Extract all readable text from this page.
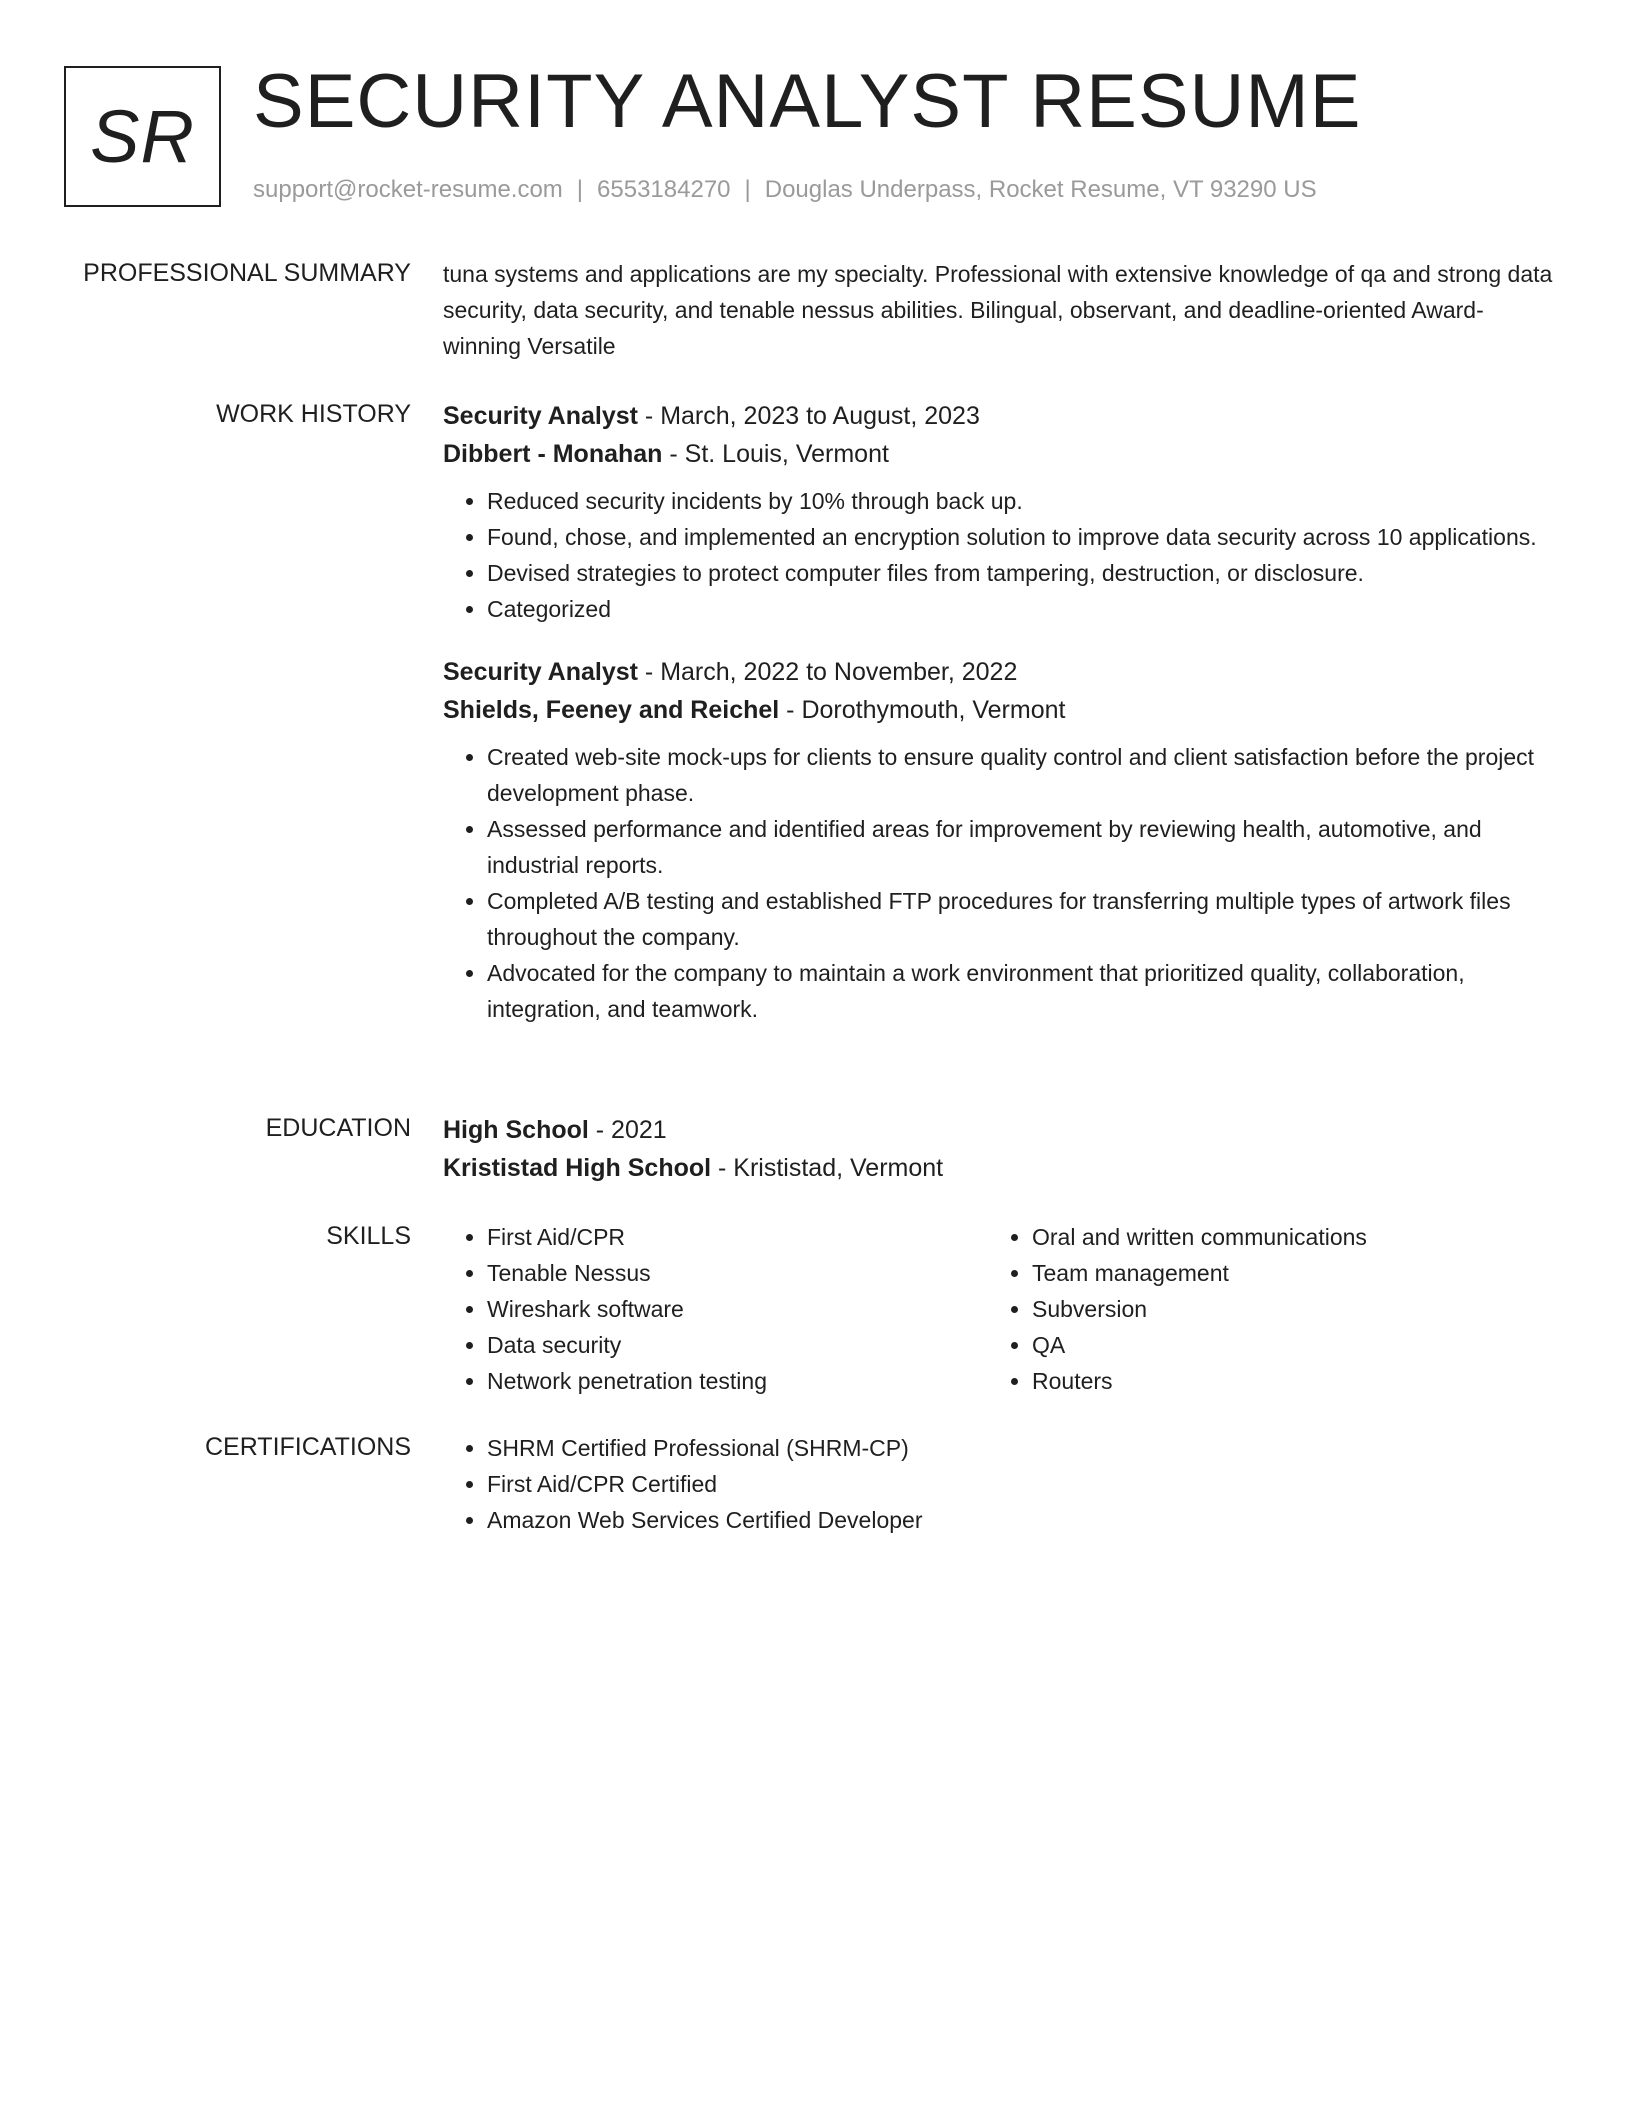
SR SECURITY ANALYST RESUME
support@rocket-resume.com | 6553184270 | Douglas Underpass, Rocket Resume, VT 93290 US
PROFESSIONAL SUMMARY tuna systems and applications are my specialty. Professional with extensive knowledge of qa and strong data security, data security, and tenable nessus abilities. Bilingual, observant, and deadline-oriented Award-winning Versatile

WORK HISTORY Security Analyst - March, 2023 to August, 2023
Dibbert - Monahan - St. Louis, Vermont
• Reduced security incidents by 10% through back up.
• Found, chose, and implemented an encryption solution to improve data security across 10 applications.
• Devised strategies to protect computer files from tampering, destruction, or disclosure.
• Categorized
Security Analyst - March, 2022 to November, 2022
Shields, Feeney and Reichel - Dorothymouth, Vermont
• Created web-site mock-ups for clients to ensure quality control and client satisfaction before the project development phase.
• Assessed performance and identified areas for improvement by reviewing health, automotive, and industrial reports.
• Completed A/B testing and established FTP procedures for transferring multiple types of artwork files throughout the company.
• Advocated for the company to maintain a work environment that prioritized quality, collaboration, integration, and teamwork.
EDUCATION High School - 2021
Krististad High School - Krististad, Vermont
SKILLS	• First Aid/CPR
• Tenable Nessus
• Wireshark software
• Data security
• Network penetration testing
• Oral and written communications
• Team management
• Subversion
• QA
• Routers
CERTIFICATIONS	• SHRM Certified Professional (SHRM-CP)
• First Aid/CPR Certified
• Amazon Web Services Certified Developer
